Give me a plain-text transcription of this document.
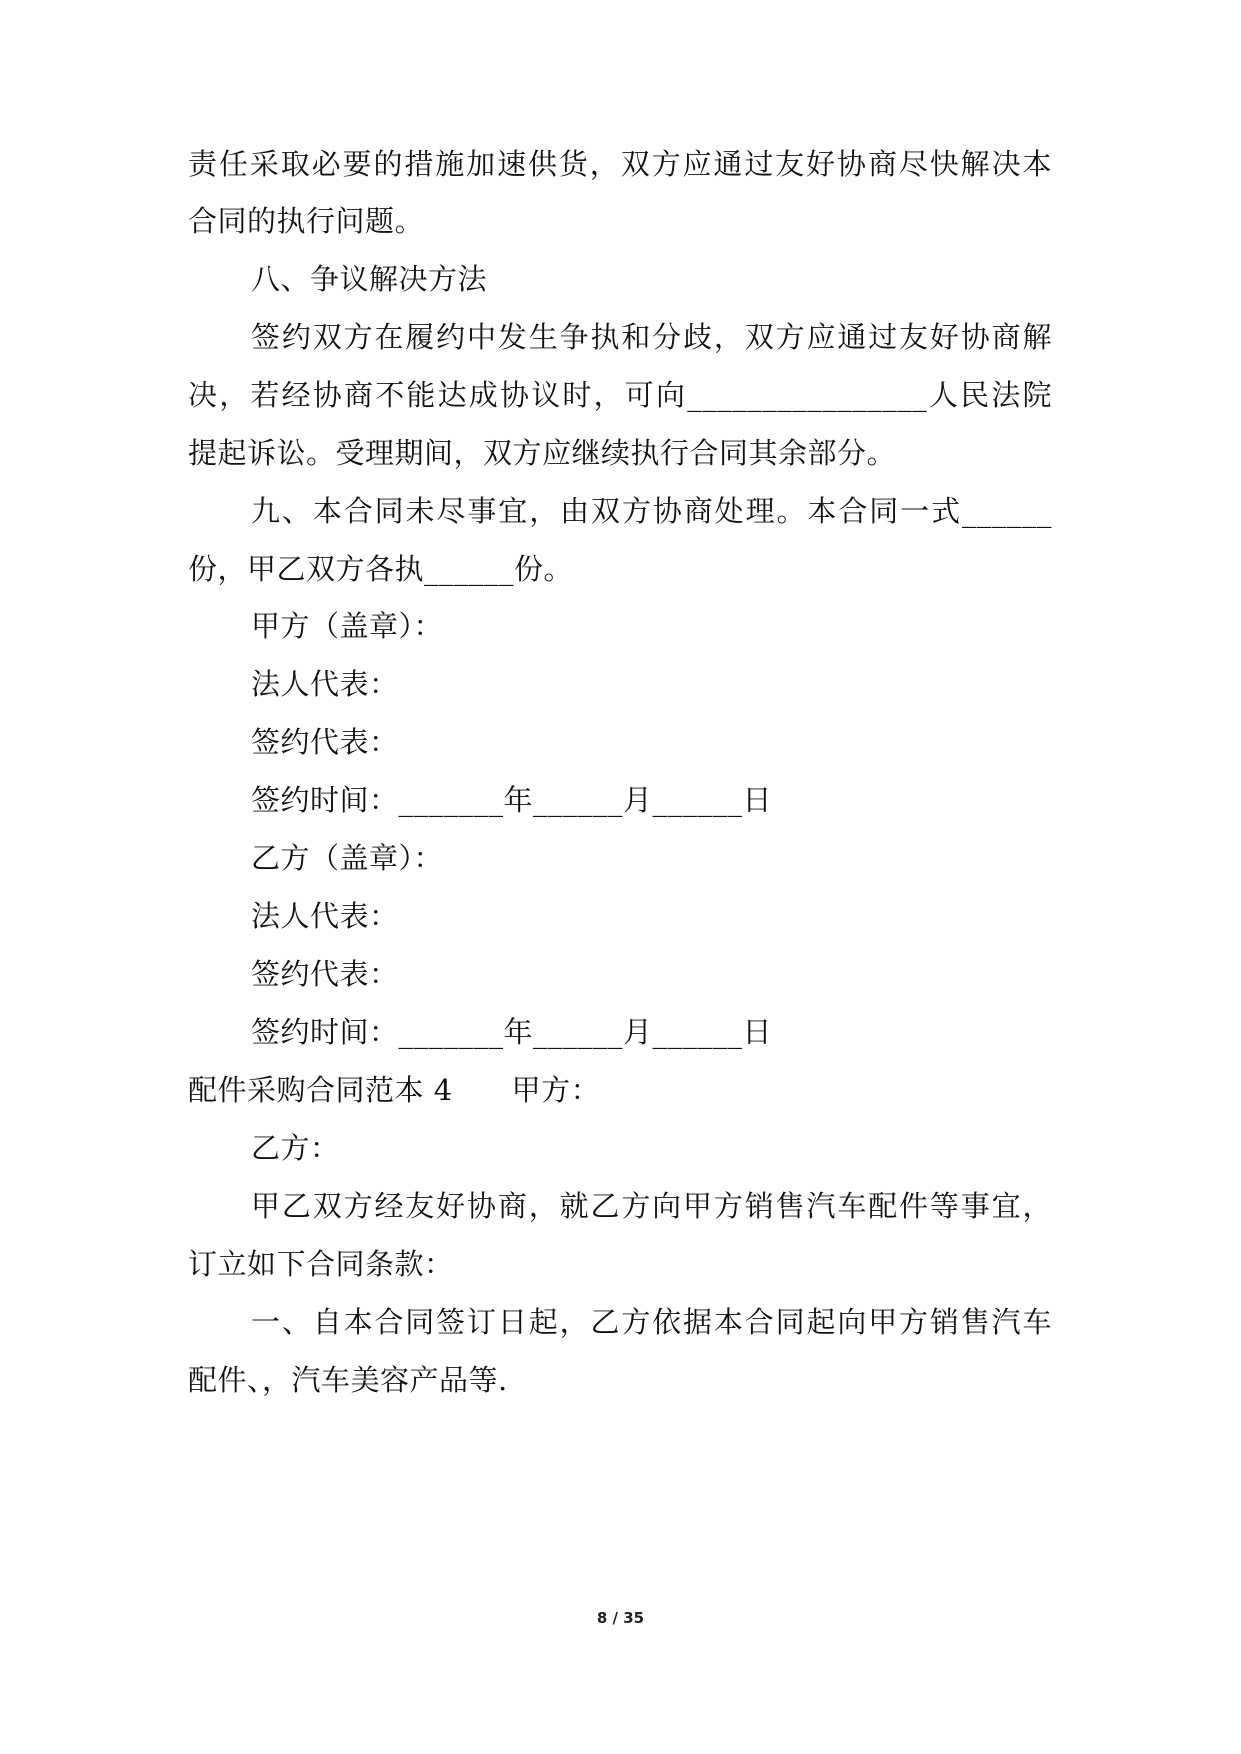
责任采取必要的措施加速供货，双方应通过友好协商尽快解决本
合同的执行问题。
八、争议解决方法
签约双方在履约中发生争执和分歧，双方应通过友好协商解
决，若经协商不能达成协议时，可向________________人民法院
提起诉讼。受理期间，双方应继续执行合同其余部分。
九、本合同未尽事宜，由双方协商处理。本合同一式______
份，甲乙双方各执______份。
甲方（盖章）：
法人代表：
签约代表：
签约时间：_______年______月______日
乙方（盖章）：
法人代表：
签约代表：
签约时间：_______年______月______日
配件采购合同范本 4　　甲方：
乙方：
甲乙双方经友好协商，就乙方向甲方销售汽车配件等事宜，
订立如下合同条款：
一、自本合同签订日起，乙方依据本合同起向甲方销售汽车
配件、，汽车美容产品等.
8 / 35
